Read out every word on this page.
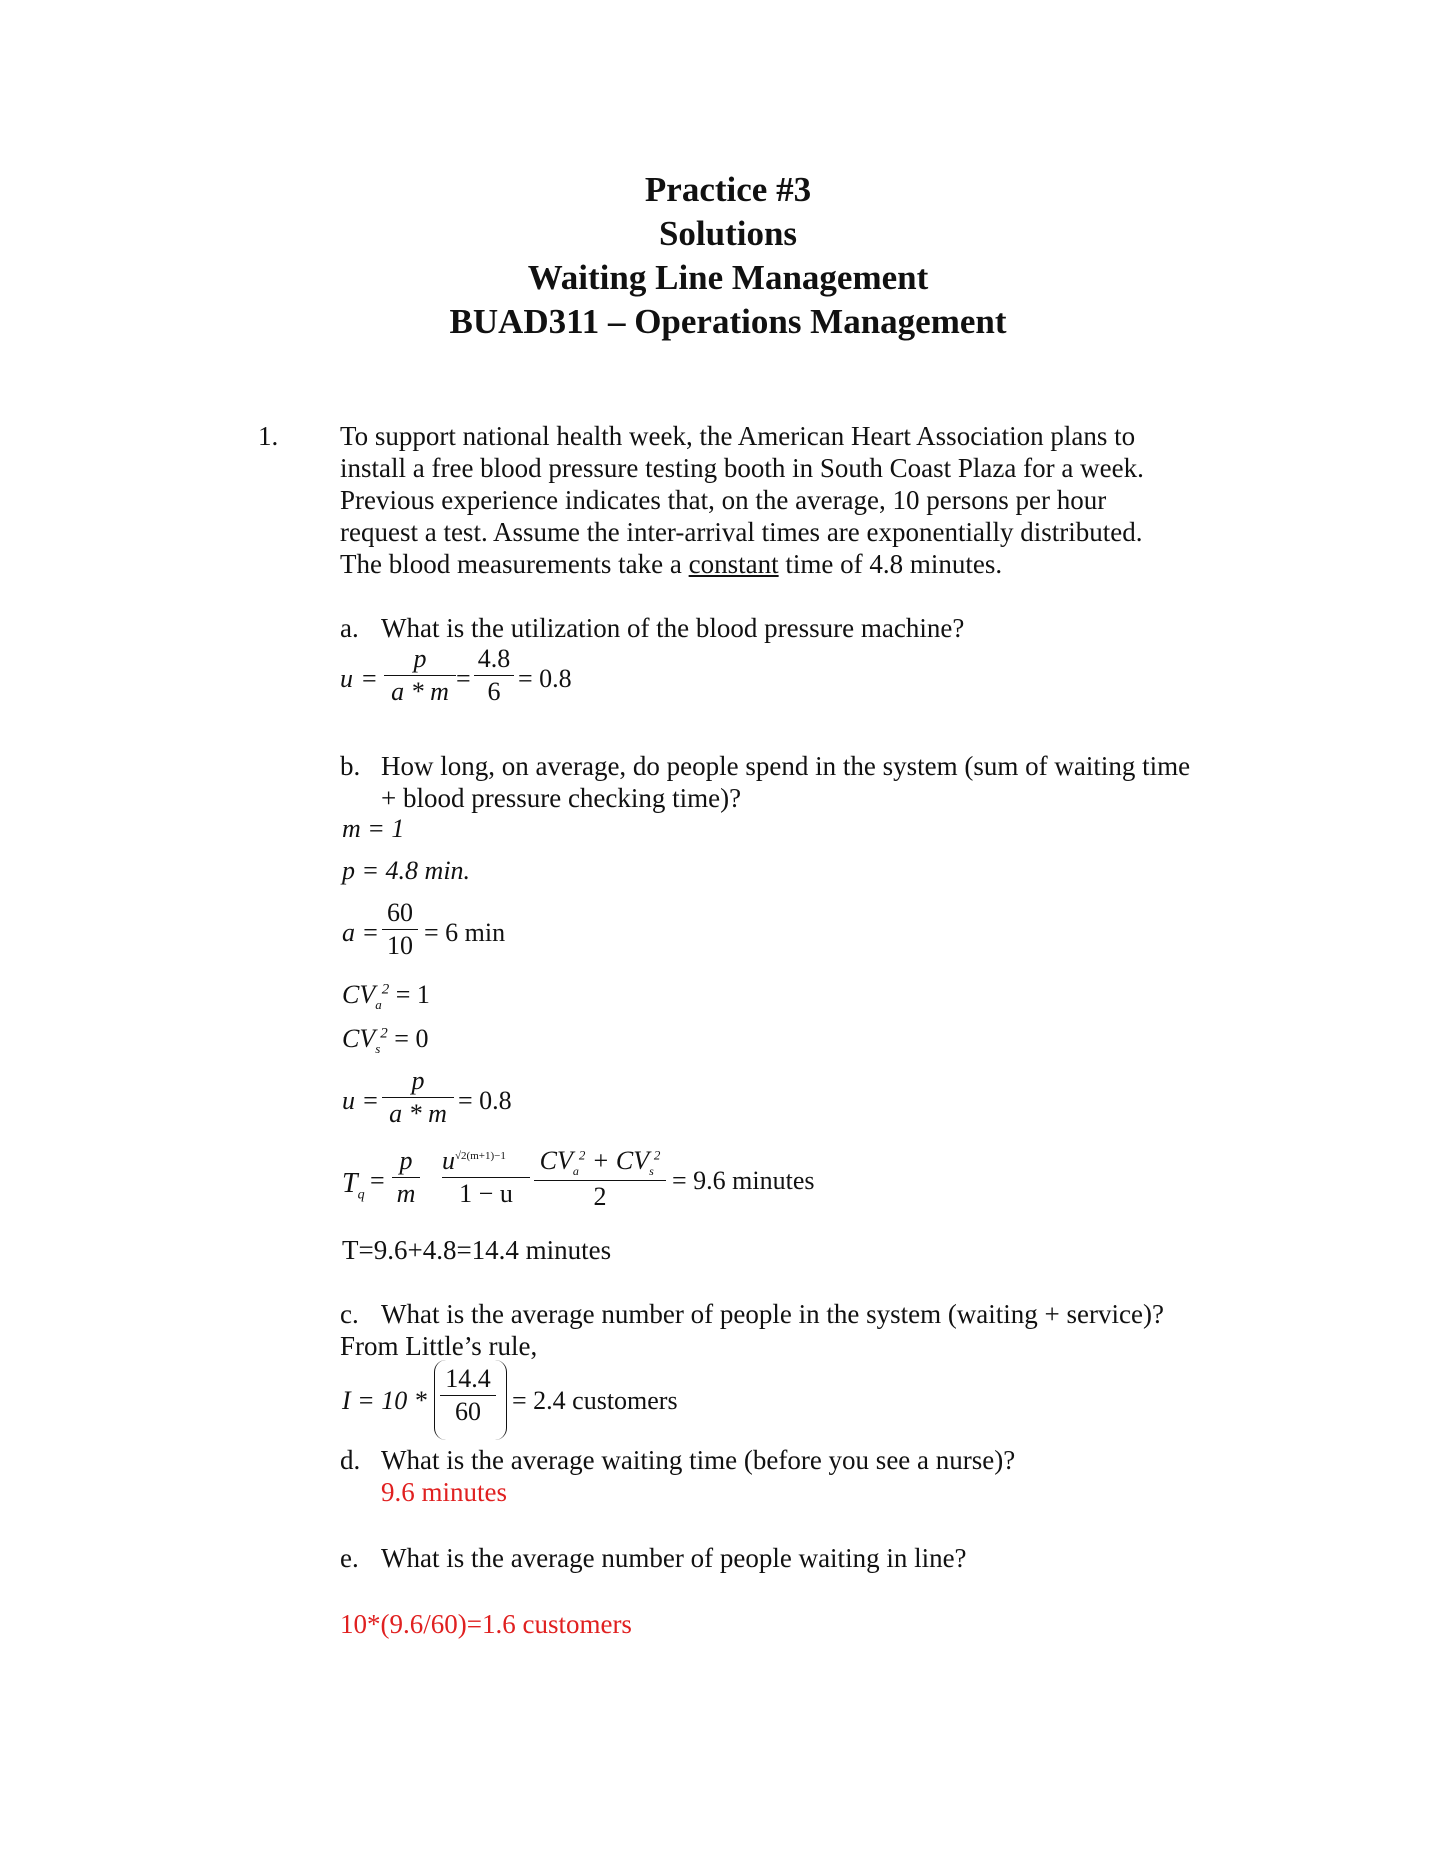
Practice #3
Solutions
Waiting Line Management
BUAD311 – Operations Management
1. To support national health week, the American Heart Association plans to
install a free blood pressure testing booth in South Coast Plaza for a week.
Previous experience indicates that, on the average, 10 persons per hour
request a test. Assume the inter-arrival times are exponentially distributed.
The blood measurements take a constant time of 4.8 minutes.
a. What is the utilization of the blood pressure machine?
u =
p
a * m =
4.8
6 = 0.8
b. How long, on average, do people spend in the system (sum of waiting time
+ blood pressure checking time)?
m = 1
p = 4.8 min.
a =
60
10 = 6 min
$CV_a^2 = 1$
$CV_s^2 = 0$
u =
p
a * m = 0.8
$T_q$
=
p
m
$u^{√2(m+1)-1}$
1 − u
$CV_a^2 + CV_s^2$
2
= 9.6 minutes
T=9.6+4.8=14.4 minutes
c. What is the average number of people in the system (waiting + service)?
From Little’s rule,
I = 10 *
14.4
60	= 2.4 customers
d. What is the average waiting time (before you see a nurse)?
9.6 minutes
e. What is the average number of people waiting in line?
10*(9.6/60)=1.6 customers
